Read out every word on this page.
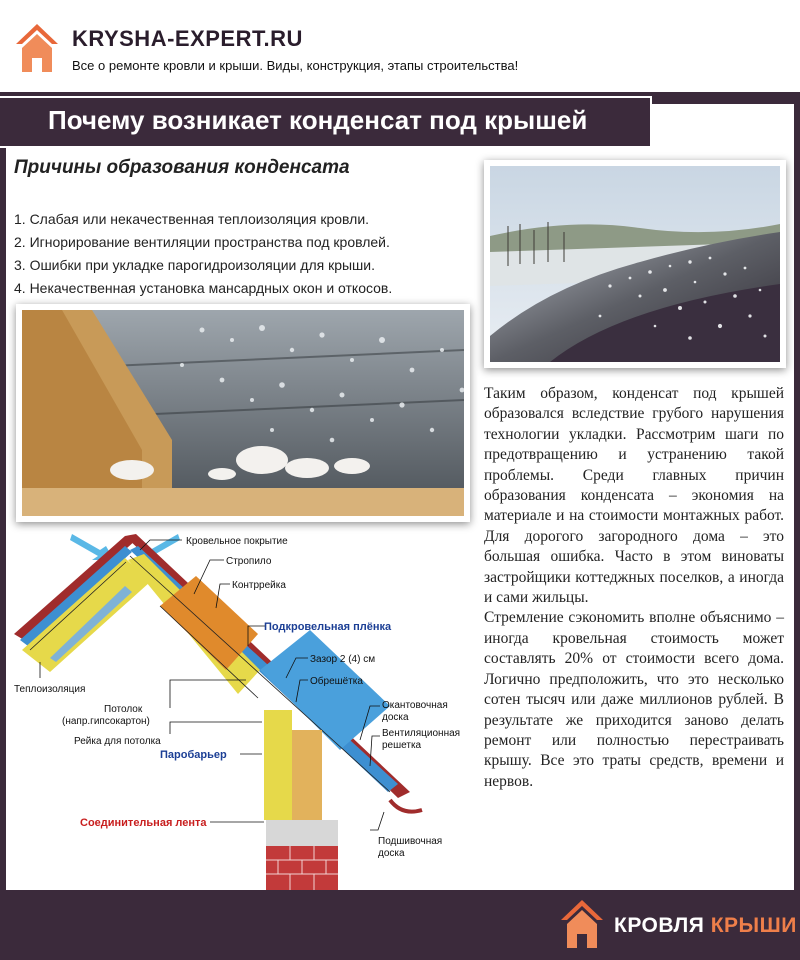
KRYSHA-EXPERT.RU
Все о ремонте кровли и крыши. Виды, конструкция, этапы строительства!
Почему возникает конденсат под крышей
Причины образования конденсата
1. Слабая или некачественная теплоизоляция кровли.
2. Игнорирование вентиляции пространства под кровлей.
3. Ошибки при укладке парогидроизоляции для крыши.
4. Некачественная установка мансардных окон и откосов.

Таким образом, конденсат под крышей образовался вследствие грубого нарушения технологии укладки. Рассмотрим шаги по предотвращению и устранению такой проблемы. Среди главных причин образования конденсата – экономия на материале и на стоимости монтажных работ. Для дорогого загородного дома – это большая ошибка. Часто в этом виноваты застройщики коттеджных поселков, а иногда и сами жильцы.

Стремление сэкономить вполне объяснимо – иногда кровельная стоимость может составлять 20% от стоимости всего дома. Логично предположить, что это несколько сотен тысяч или даже миллионов рублей. В результате же приходится заново делать ремонт или полностью перестраивать крышу. Все это траты средств, времени и нервов.

Кровельное покрытие
Стропило
Контррейка
Подкровельная плёнка
Зазор 2 (4) см
Обрешётка
Окантовочная
доска
Вентиляционная
решетка
Теплоизоляция
Потолок
(напр.гипсокартон)
Рейка для потолка
Паробарьер
Соединительная лента
Подшивочная
доска
КРОВЛЯ КРЫШИ
